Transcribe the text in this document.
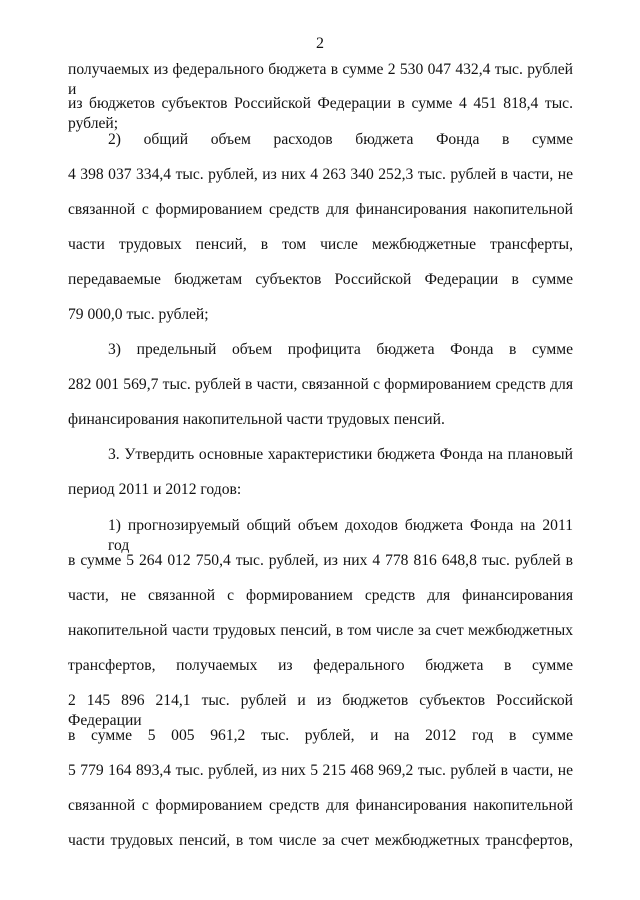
2
получаемых из федерального бюджета в сумме 2 530 047 432,4 тыс. рублей и
из бюджетов субъектов Российской Федерации в сумме 4 451 818,4 тыс. рублей;
2) общий объем расходов бюджета Фонда в сумме
4 398 037 334,4 тыс. рублей, из них 4 263 340 252,3 тыс. рублей в части, не
связанной с формированием средств для финансирования накопительной
части трудовых пенсий, в том числе межбюджетные трансферты,
передаваемые бюджетам субъектов Российской Федерации в сумме
79 000,0 тыс. рублей;
3) предельный объем профицита бюджета Фонда в сумме
282 001 569,7 тыс. рублей в части, связанной с формированием средств для
финансирования накопительной части трудовых пенсий.
3. Утвердить основные характеристики бюджета Фонда на плановый
период 2011 и 2012 годов:
1) прогнозируемый общий объем доходов бюджета Фонда на 2011 год
в сумме 5 264 012 750,4 тыс. рублей, из них 4 778 816 648,8 тыс. рублей в
части, не связанной с формированием средств для финансирования
накопительной части трудовых пенсий, в том числе за счет межбюджетных
трансфертов, получаемых из федерального бюджета в сумме
2 145 896 214,1 тыс. рублей и из бюджетов субъектов Российской Федерации
в сумме 5 005 961,2 тыс. рублей, и на 2012 год в сумме
5 779 164 893,4 тыс. рублей, из них 5 215 468 969,2 тыс. рублей в части, не
связанной с формированием средств для финансирования накопительной
части трудовых пенсий, в том числе за счет межбюджетных трансфертов,
